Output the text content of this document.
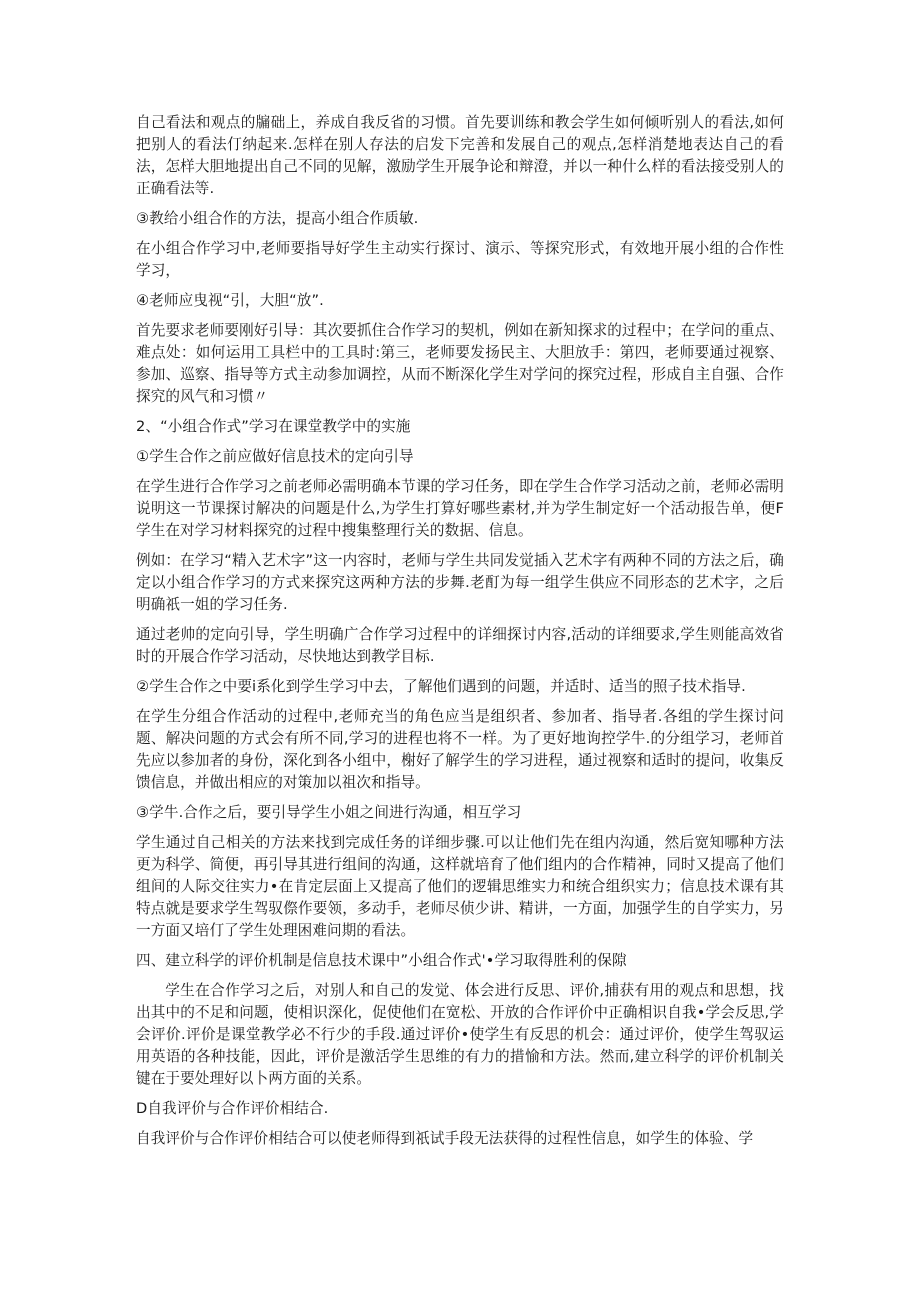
自己看法和观点的牖础上，养成自我反省的习惯。首先要训练和教会学生如何倾听别人的看法,如何把别人的看法仃纳起来.怎样在别人存法的启发下完善和发展自己的观点,怎样消楚地表达自己的看法，怎样大胆地提出自己不同的见解，激励学生开展争论和辩澄，并以一种什么样的看法接受别人的正确看法等.

③教给小组合作的方法，提高小组合作质敏.

在小组合作学习中,老师要指导好学生主动实行探讨、演示、等探究形式，有效地开展小组的合作性学习，

④老师应曳视“引，大胆“放”.

首先要求老师要刚好引导：其次要抓住合作学习的契机，例如在新知探求的过程中；在学问的重点、难点处：如何运用工具栏中的工具时:第三，老师要发扬民主、大胆放手：第四，老师要通过视察、参加、巡察、指导等方式主动参加调控，从而不断深化学生对学问的探究过程，形成自主自强、合作探究的风气和习惯〃

2、“小组合作式”学习在课堂教学中的实施

①学生合作之前应做好信息技术的定向引导

在学生进行合作学习之前老师必需明确本节课的学习任务，即在学生合作学习活动之前，老师必需明说明这一节课探讨解决的问题是什么,为学生打算好哪些素材,并为学生制定好一个活动报告单，便F学生在对学习材料探究的过程中搜集整理行关的数据、信息。

例如：在学习“精入艺术字”这一内容时，老师与学生共同发觉插入艺术字有两种不同的方法之后，确定以小组合作学习的方式来探究这两种方法的步舞.老酊为每一组学生供应不同形态的艺术字，之后明确祇一姐的学习任务.

通过老帅的定向引导，学生明确广合作学习过程中的详细探讨内容,活动的详细要求,学生则能高效省时的开展合作学习活动，尽快地达到教学目标.

②学生合作之中要i系化到学生学习中去，了解他们遇到的问题，并适时、适当的照子技术指导.

在学生分组合作活动的过程中,老师充当的角色应当是组织者、参加者、指导者.各组的学生探讨问题、解决问题的方式会有所不同,学习的进程也将不一样。为了更好地询控学牛.的分组学习，老师首先应以参加者的身份，深化到各小组中，榭好了解学生的学习进程，通过视察和适时的提问，收集反馈信息，并做出相应的对策加以祖次和指导。

③学牛.合作之后，要引导学生小姐之间进行沟通，相互学习

学生通过自己相关的方法来找到完成任务的详细步骤.可以让他们先在组内沟通，然后宽知哪种方法更为科学、简便，再引导其进行组间的沟通，这样就培育了他们组内的合作精神，同时又提高了他们组间的人际交往实力•在肯定层面上又提高了他们的逻辑思维实力和统合组织实力；信息技术课有其特点就是要求学生驾驭傺作要领，多动手，老师尽侦少讲、精讲，一方面，加强学生的自学实力，另一方面又培仃了学生处理困难问期的看法。

四、建立科学的评价机制是信息技术课中”小组合作式'•学习取得胜利的保隙

学生在合作学习之后，对别人和自己的发觉、体会进行反思、评价,捕获有用的观点和思想，找出其中的不足和问题，使相识深化，促使他们在宽松、开放的合作评价中正确相识自我•学会反思,学会评价.评价是课堂教学必不行少的手段.通过评价•使学生有反思的机会：通过评价，使学生驾驭运用英语的各种技能，因此，评价是激活学生思维的有力的措愉和方法。然而,建立科学的评价机制关键在于要处理好以卜两方面的关系。

D自我评价与合作评价相结合.

自我评价与合作评价相结合可以使老师得到祇试手段无法获得的过程性信息，如学生的体验、学
